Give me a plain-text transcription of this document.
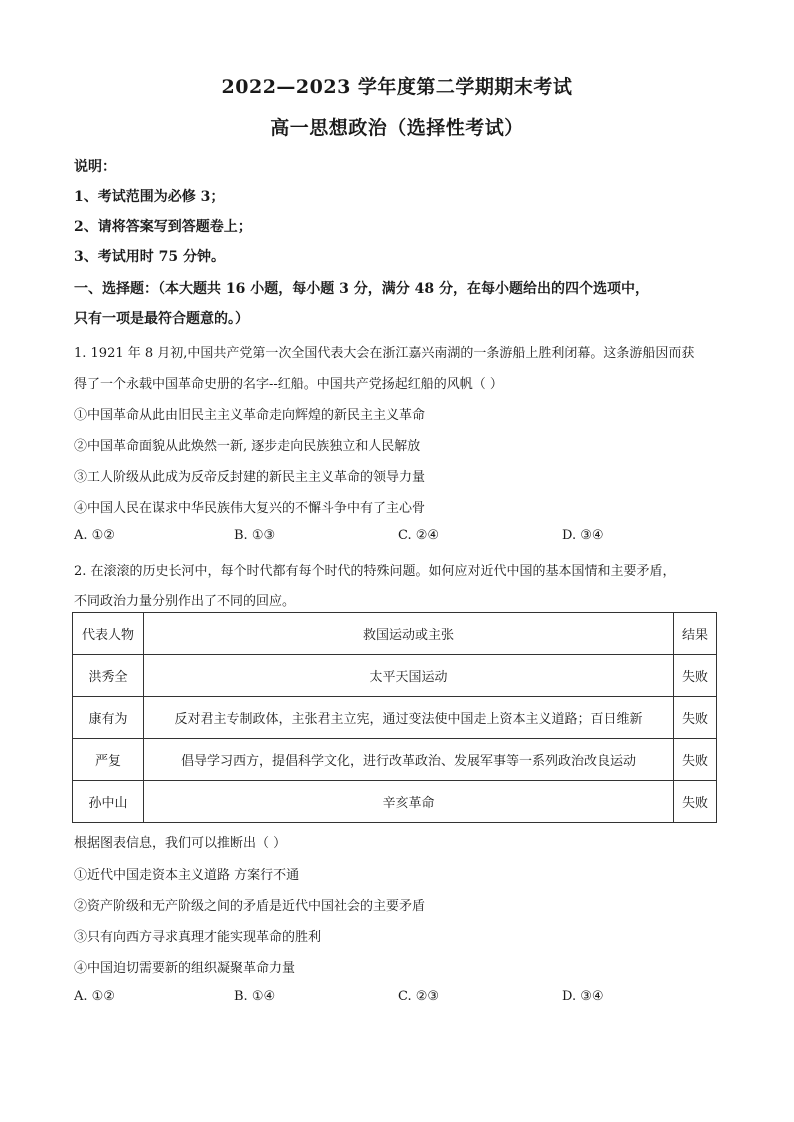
2022—2023 学年度第二学期期末考试
高一思想政治（选择性考试）
说明：
1、考试范围为必修 3；
2、请将答案写到答题卷上；
3、考试用时 75 分钟。
一、选择题：（本大题共 16 小题，每小题 3 分，满分 48 分，在每小题给出的四个选项中，
只有一项是最符合题意的。）
1. 1921 年 8 月初,中国共产党第一次全国代表大会在浙江嘉兴南湖的一条游船上胜利闭幕。这条游船因而获
得了一个永载中国革命史册的名字--红船。中国共产党扬起红船的风帆（ ）
①中国革命从此由旧民主主义革命走向辉煌的新民主主义革命
②中国革命面貌从此焕然一新, 逐步走向民族独立和人民解放
③工人阶级从此成为反帝反封建的新民主主义革命的领导力量
④中国人民在谋求中华民族伟大复兴的不懈斗争中有了主心骨
A. ①②	B. ①③	C. ②④	D. ③④
2. 在滚滚的历史长河中，每个时代都有每个时代的特殊问题。如何应对近代中国的基本国情和主要矛盾，
不同政治力量分别作出了不同的回应。
代表人物	救国运动或主张	结果
洪秀全	太平天国运动	失败
康有为	反对君主专制政体，主张君主立宪，通过变法使中国走上资本主义道路；百日维新	失败
严复	倡导学习西方，提倡科学文化，进行改革政治、发展军事等一系列政治改良运动	失败
孙中山	辛亥革命	失败
根据图表信息，我们可以推断出（ ）
①近代中国走资本主义道路 方案行不通
②资产阶级和无产阶级之间的矛盾是近代中国社会的主要矛盾
③只有向西方寻求真理才能实现革命的胜利
④中国迫切需要新的组织凝聚革命力量
A. ①②	B. ①④	C. ②③	D. ③④
